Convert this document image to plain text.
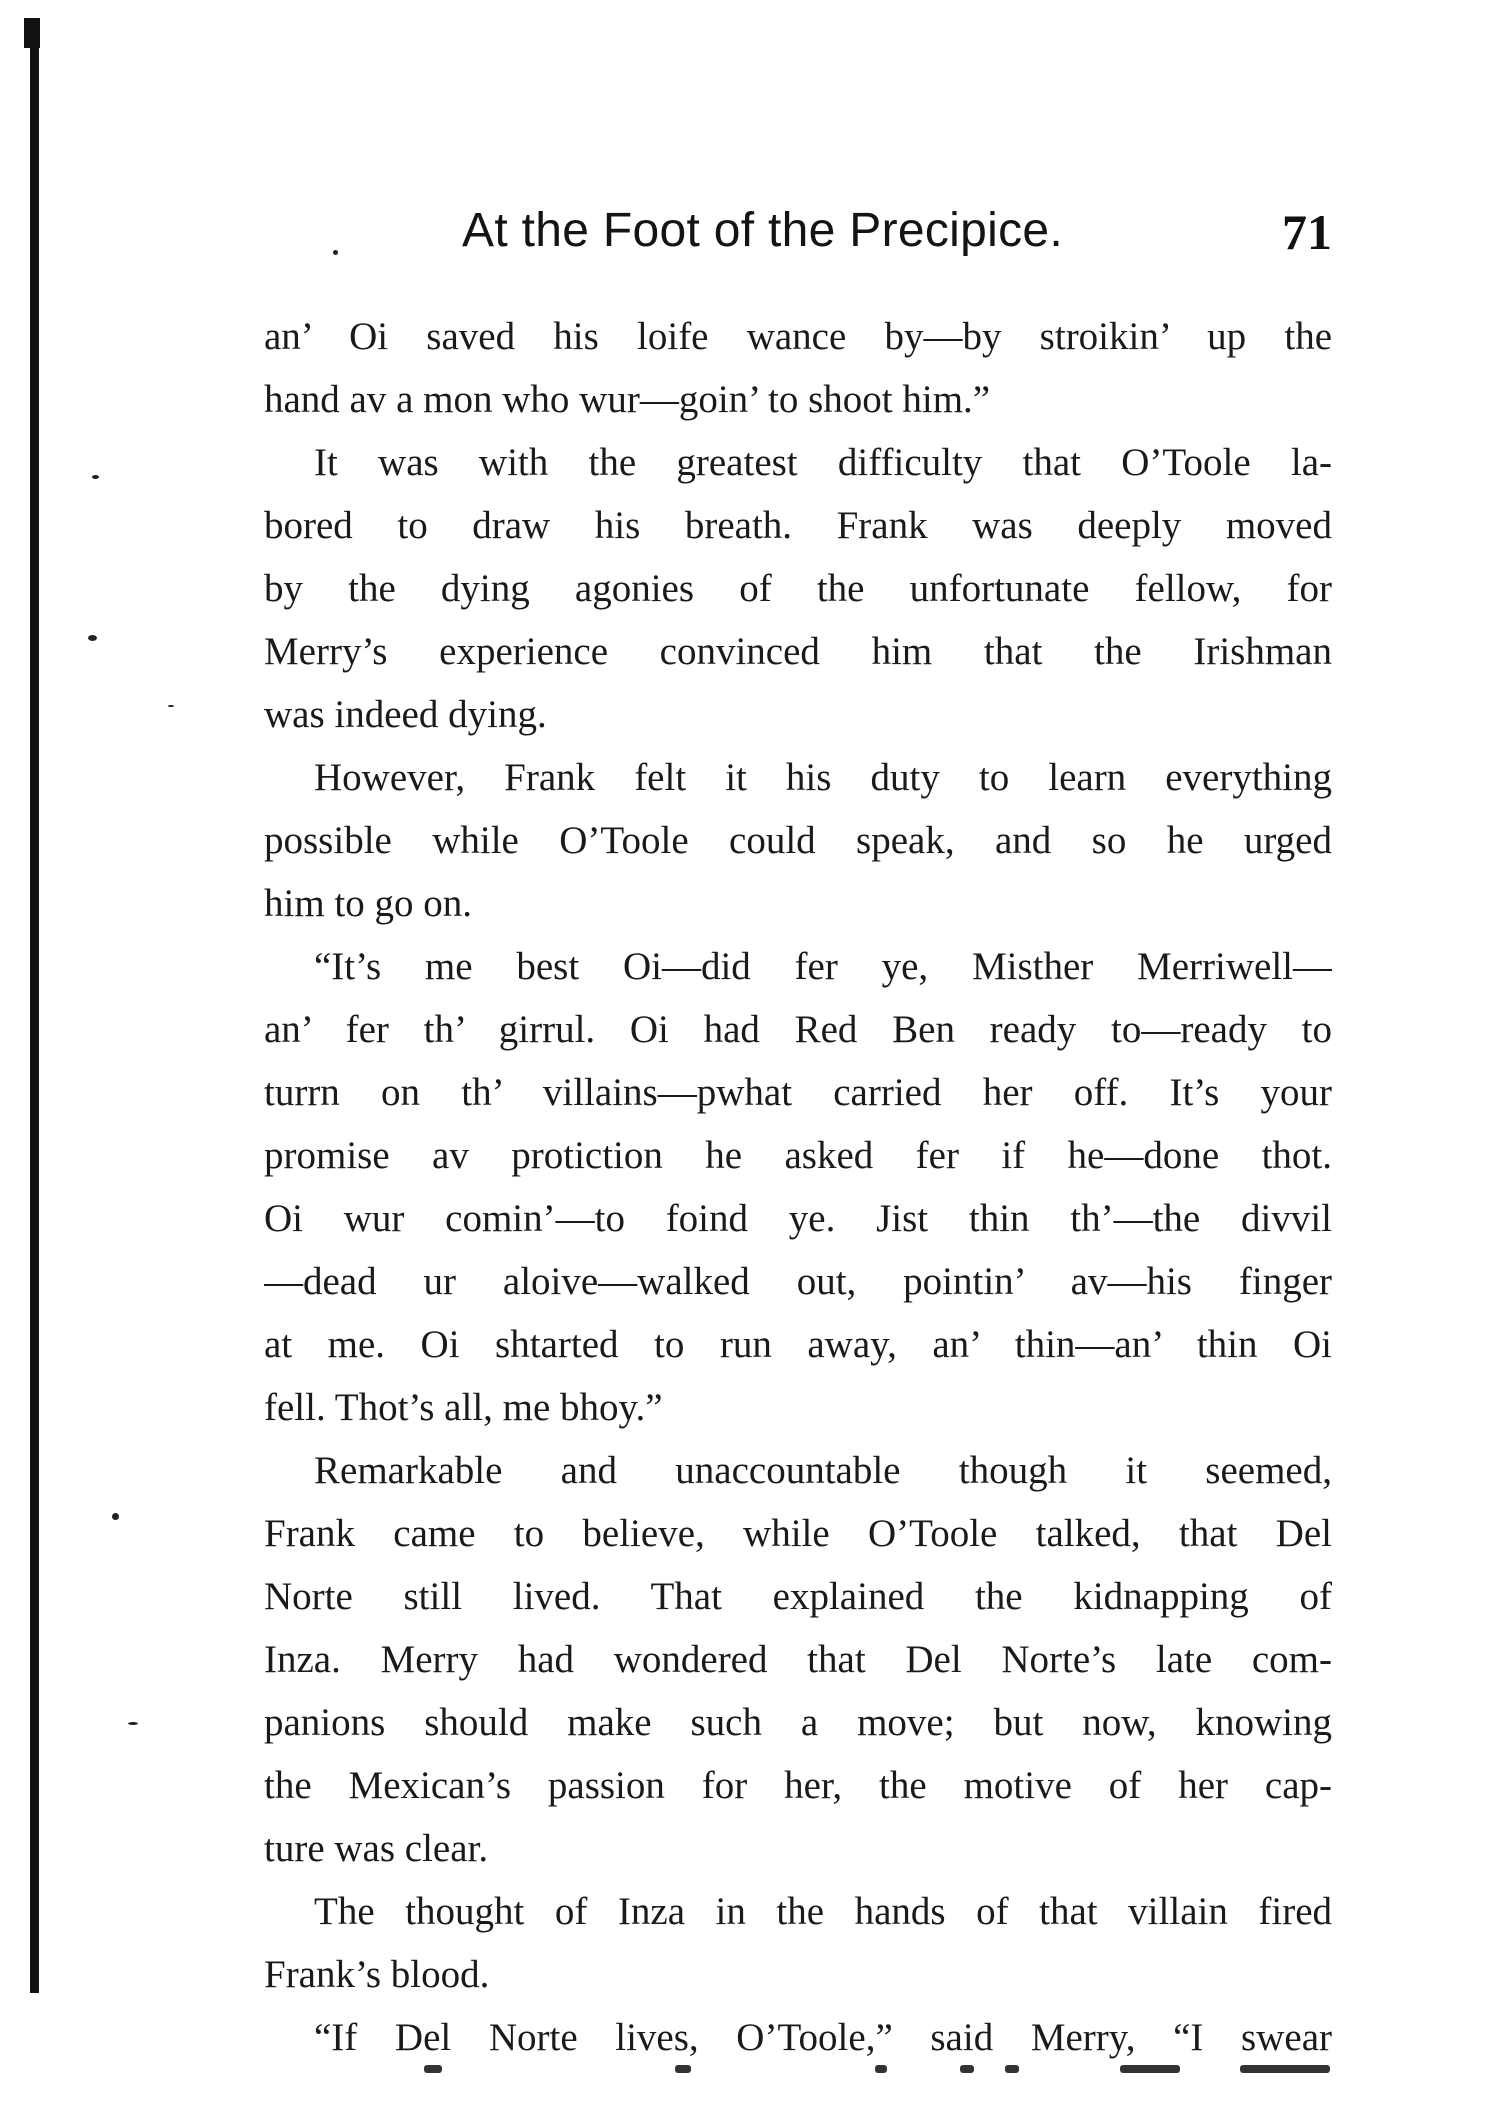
At the Foot of the Precipice.	71
an’ Oi saved his loife wance by—by stroikin’ up the
hand av a mon who wur—goin’ to shoot him.”
It was with the greatest difficulty that O’Toole la-
bored to draw his breath. Frank was deeply moved
by the dying agonies of the unfortunate fellow, for
Merry’s experience convinced him that the Irishman
was indeed dying.
However, Frank felt it his duty to learn everything
possible while O’Toole could speak, and so he urged
him to go on.
“It’s me best Oi—did fer ye, Misther Merriwell—
an’ fer th’ girrul. Oi had Red Ben ready to—ready to
turrn on th’ villains—pwhat carried her off. It’s your
promise av protiction he asked fer if he—done thot.
Oi wur comin’—to foind ye. Jist thin th’—the divvil
—dead ur aloive—walked out, pointin’ av—his finger
at me. Oi shtarted to run away, an’ thin—an’ thin Oi
fell. Thot’s all, me bhoy.”
Remarkable and unaccountable though it seemed,
Frank came to believe, while O’Toole talked, that Del
Norte still lived. That explained the kidnapping of
Inza. Merry had wondered that Del Norte’s late com-
panions should make such a move; but now, knowing
the Mexican’s passion for her, the motive of her cap-
ture was clear.
The thought of Inza in the hands of that villain fired
Frank’s blood.
“If Del Norte lives, O’Toole,” said Merry, “I swear
